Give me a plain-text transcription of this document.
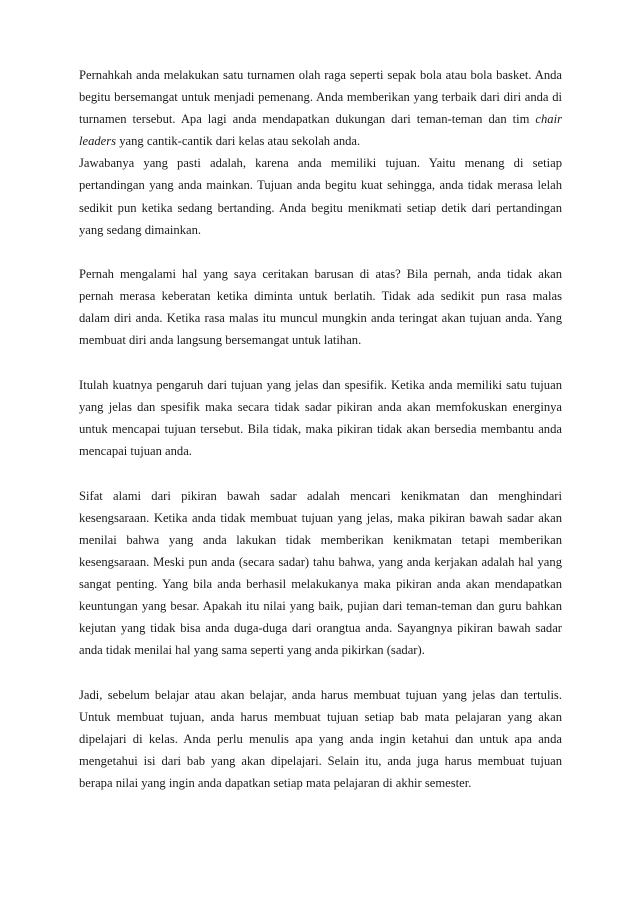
Pernahkah anda melakukan satu turnamen olah raga seperti sepak bola atau bola basket. Anda
begitu bersemangat untuk menjadi pemenang. Anda memberikan yang terbaik dari diri anda di
turnamen tersebut. Apa lagi anda mendapatkan dukungan dari teman-teman dan tim chair
leaders yang cantik-cantik dari kelas atau sekolah anda.
Jawabanya yang pasti adalah, karena anda memiliki tujuan. Yaitu menang di setiap
pertandingan yang anda mainkan. Tujuan anda begitu kuat sehingga, anda tidak merasa lelah
sedikit pun ketika sedang bertanding. Anda begitu menikmati setiap detik dari pertandingan
yang sedang dimainkan.
Pernah mengalami hal yang saya ceritakan barusan di atas? Bila pernah, anda tidak akan
pernah merasa keberatan ketika diminta untuk berlatih. Tidak ada sedikit pun rasa malas
dalam diri anda. Ketika rasa malas itu muncul mungkin anda teringat akan tujuan anda. Yang
membuat diri anda langsung bersemangat untuk latihan.
Itulah kuatnya pengaruh dari tujuan yang jelas dan spesifik. Ketika anda memiliki satu tujuan
yang jelas dan spesifik maka secara tidak sadar pikiran anda akan memfokuskan energinya
untuk mencapai tujuan tersebut. Bila tidak, maka pikiran tidak akan bersedia membantu anda
mencapai tujuan anda.
Sifat alami dari pikiran bawah sadar adalah mencari kenikmatan dan menghindari
kesengsaraan. Ketika anda tidak membuat tujuan yang jelas, maka pikiran bawah sadar akan
menilai bahwa yang anda lakukan tidak memberikan kenikmatan tetapi memberikan
kesengsaraan. Meski pun anda (secara sadar) tahu bahwa, yang anda kerjakan adalah hal yang
sangat penting. Yang bila anda berhasil melakukanya maka pikiran anda akan mendapatkan
keuntungan yang besar. Apakah itu nilai yang baik, pujian dari teman-teman dan guru bahkan
kejutan yang tidak bisa anda duga-duga dari orangtua anda. Sayangnya pikiran bawah sadar
anda tidak menilai hal yang sama seperti yang anda pikirkan (sadar).
Jadi, sebelum belajar atau akan belajar, anda harus membuat tujuan yang jelas dan tertulis.
Untuk membuat tujuan, anda harus membuat tujuan setiap bab mata pelajaran yang akan
dipelajari di kelas. Anda perlu menulis apa yang anda ingin ketahui dan untuk apa anda
mengetahui isi dari bab yang akan dipelajari. Selain itu, anda juga harus membuat tujuan
berapa nilai yang ingin anda dapatkan setiap mata pelajaran di akhir semester.
